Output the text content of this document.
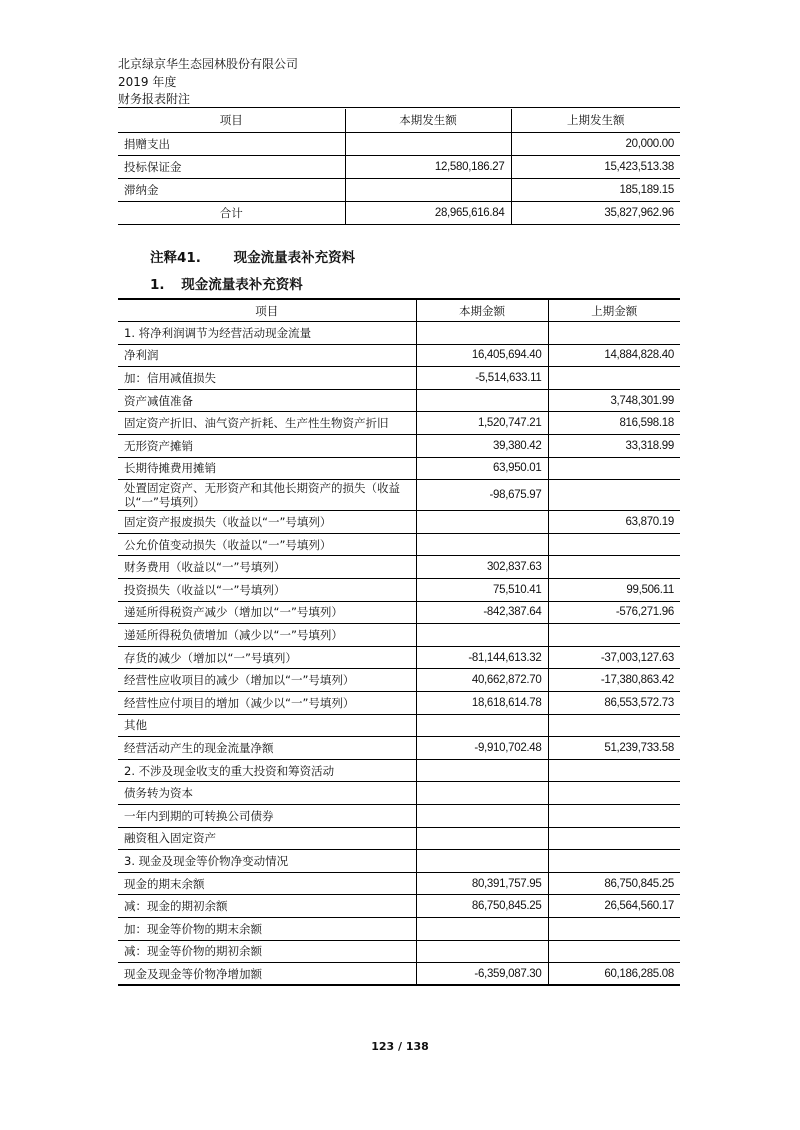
北京绿京华生态园林股份有限公司
2019 年度
财务报表附注
项目	本期发生额	上期发生额
捐赠支出		20,000.00
投标保证金	12,580,186.27	15,423,513.38
滞纳金		185,189.15
合计	28,965,616.84	35,827,962.96
注释41. 现金流量表补充资料
1. 现金流量表补充资料
项目	本期金额	上期金额
1. 将净利润调节为经营活动现金流量		
净利润	16,405,694.40	14,884,828.40
加：信用减值损失	-5,514,633.11	
资产减值准备		3,748,301.99
固定资产折旧、油气资产折耗、生产性生物资产折旧	1,520,747.21	816,598.18
无形资产摊销	39,380.42	33,318.99
长期待摊费用摊销	63,950.01	
处置固定资产、无形资产和其他长期资产的损失（收益以“一”号填列）	-98,675.97	
固定资产报废损失（收益以“一”号填列）		63,870.19
公允价值变动损失（收益以“一”号填列）		
财务费用（收益以“一”号填列）	302,837.63	
投资损失（收益以“一”号填列）	75,510.41	99,506.11
递延所得税资产减少（增加以“一”号填列）	-842,387.64	-576,271.96
递延所得税负债增加（减少以“一”号填列）		
存货的减少（增加以“一”号填列）	-81,144,613.32	-37,003,127.63
经营性应收项目的减少（增加以“一”号填列）	40,662,872.70	-17,380,863.42
经营性应付项目的增加（减少以“一”号填列）	18,618,614.78	86,553,572.73
其他		
经营活动产生的现金流量净额	-9,910,702.48	51,239,733.58
2. 不涉及现金收支的重大投资和筹资活动		
债务转为资本		
一年内到期的可转换公司债券		
融资租入固定资产		
3. 现金及现金等价物净变动情况		
现金的期末余额	80,391,757.95	86,750,845.25
减：现金的期初余额	86,750,845.25	26,564,560.17
加：现金等价物的期末余额		
减：现金等价物的期初余额		
现金及现金等价物净增加额	-6,359,087.30	60,186,285.08
123 / 138
